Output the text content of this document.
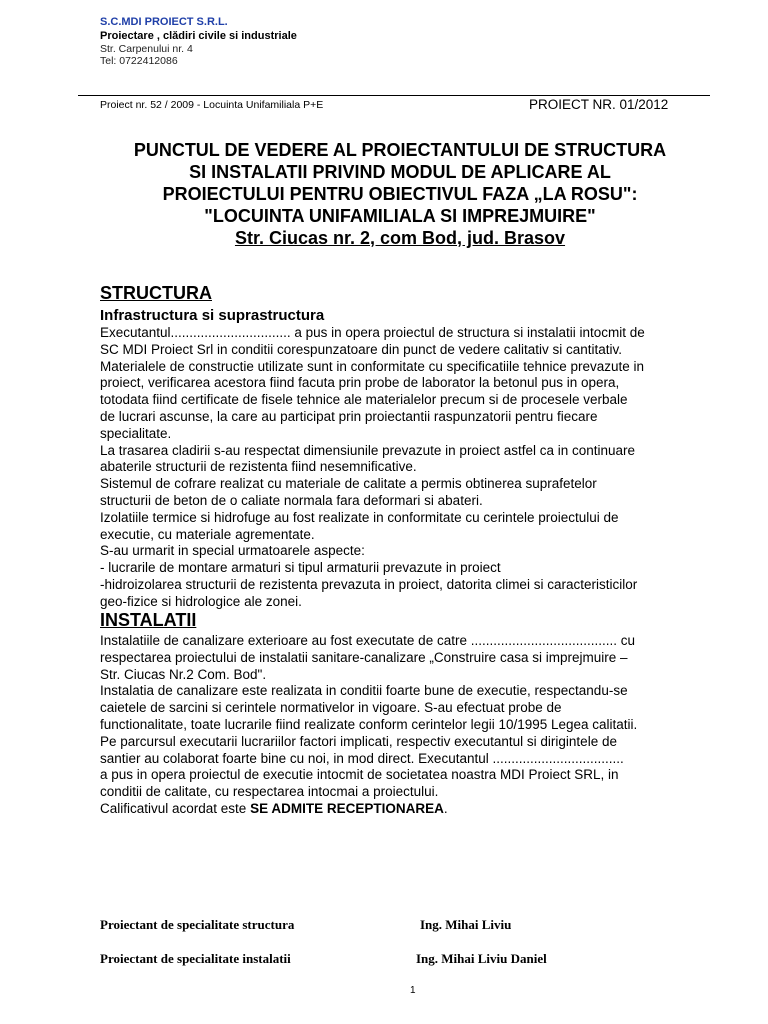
S.C.MDI PROIECT S.R.L.
Proiectare , clădiri civile si industriale
Str. Carpenului nr. 4
Tel: 0722412086
Proiect nr. 52 / 2009 - Locuinta Unifamiliala P+E	PROIECT NR. 01/2012
PUNCTUL DE VEDERE AL PROIECTANTULUI DE STRUCTURA
SI INSTALATII PRIVIND MODUL DE APLICARE AL
PROIECTULUI PENTRU OBIECTIVUL FAZA „LA ROSU":
"LOCUINTA UNIFAMILIALA SI IMPREJMUIRE"
Str. Ciucas nr. 2, com Bod, jud. Brasov
STRUCTURA
Infrastructura si suprastructura
Executantul................................ a pus in opera proiectul de structura si instalatii intocmit de
SC MDI Proiect Srl in conditii corespunzatoare din punct de vedere calitativ si cantitativ.
Materialele de constructie utilizate sunt in conformitate cu specificatiile tehnice prevazute in
proiect, verificarea acestora fiind facuta prin probe de laborator la betonul pus in opera,
totodata fiind certificate de fisele tehnice ale materialelor precum si de procesele verbale
de lucrari ascunse, la care au participat prin proiectantii raspunzatorii pentru fiecare
specialitate.
La trasarea cladirii s-au respectat dimensiunile prevazute in proiect astfel ca in continuare
abaterile structurii de rezistenta fiind nesemnificative.
Sistemul de cofrare realizat cu materiale de calitate a permis obtinerea suprafetelor
structurii de beton de o caliate normala fara deformari si abateri.
Izolatiile termice si hidrofuge au fost realizate in conformitate cu cerintele proiectului de
executie, cu materiale agrementate.
S-au urmarit in special urmatoarele aspecte:
- lucrarile de montare armaturi si tipul armaturii prevazute in proiect
-hidroizolarea structurii de rezistenta prevazuta in proiect, datorita climei si caracteristicilor
geo-fizice si hidrologice ale zonei.
INSTALATII
Instalatiile de canalizare exterioare au fost executate de catre ....................................... cu
respectarea proiectului de instalatii sanitare-canalizare „Construire casa si imprejmuire –
Str. Ciucas Nr.2 Com. Bod".
Instalatia de canalizare este realizata in conditii foarte bune de executie, respectandu-se
caietele de sarcini si cerintele normativelor in vigoare. S-au efectuat probe de
functionalitate, toate lucrarile fiind realizate conform cerintelor legii 10/1995 Legea calitatii.
Pe parcursul executarii lucrariilor factori implicati, respectiv executantul si dirigintele de
santier au colaborat foarte bine cu noi, in mod direct. Executantul ...................................
a pus in opera proiectul de executie intocmit de societatea noastra MDI Proiect SRL, in
conditii de calitate, cu respectarea intocmai a proiectului.
Calificativul acordat este SE ADMITE RECEPTIONAREA.
Proiectant de specialitate structura	Ing. Mihai Liviu
Proiectant de specialitate instalatii	Ing. Mihai Liviu Daniel
1
